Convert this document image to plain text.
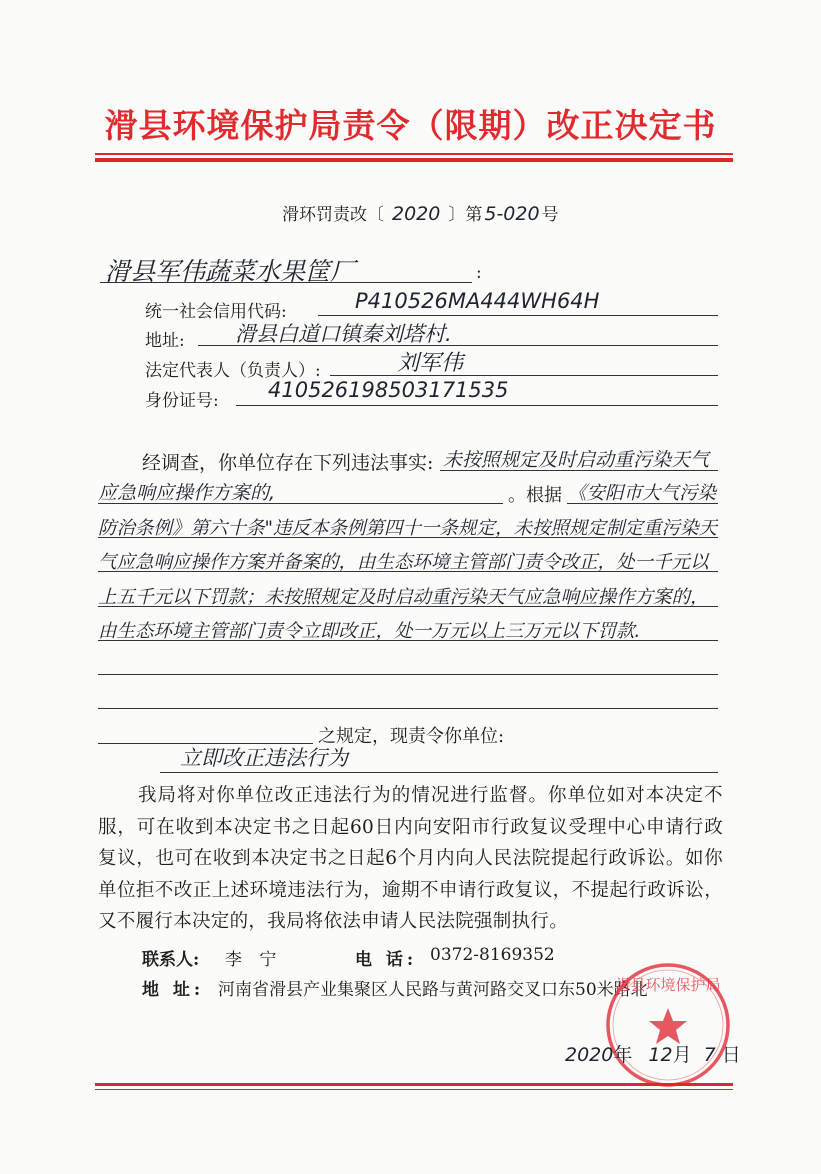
滑县环境保护局责令（限期）改正决定书
滑环罚责改〔 2020 〕第 5-020 号
滑县军伟蔬菜水果筐厂	:
统一社会信用代码:	P410526MA444WH64H
地址: 滑县白道口镇秦刘塔村.
法定代表人（负责人）:	刘军伟
身份证号: 410526198503171535
经调查，你单位存在下列违法事实: 未按照规定及时启动重污染天气应急响应操作方案的,	。根据 《安阳市大气污染防治条例》第六十条"违反本条例第四十一条规定，未按照规定制定重污染天气应急响应操作方案并备案的，由生态环境主管部门责令改正，处一千元以上五千元以下罚款；未按照规定及时启动重污染天气应急响应操作方案的，由生态环境主管部门责令立即改正，处一万元以上三万元以下罚款.
之规定，现责令你单位:
立即改正违法行为
我局将对你单位改正违法行为的情况进行监督。你单位如对本决定不服，可在收到本决定书之日起60日内向安阳市行政复议受理中心申请行政复议，也可在收到本决定书之日起6个月内向人民法院提起行政诉讼。如你单位拒不改正上述环境违法行为，逾期不申请行政复议，不提起行政诉讼，又不履行本决定的，我局将依法申请人民法院强制执行。
联系人: 李 宁	电 话: 0372-8169352
地 址: 河南省滑县产业集聚区人民路与黄河路交叉口东50米路北
滑县环境保护局
2020年 12月 7 日
